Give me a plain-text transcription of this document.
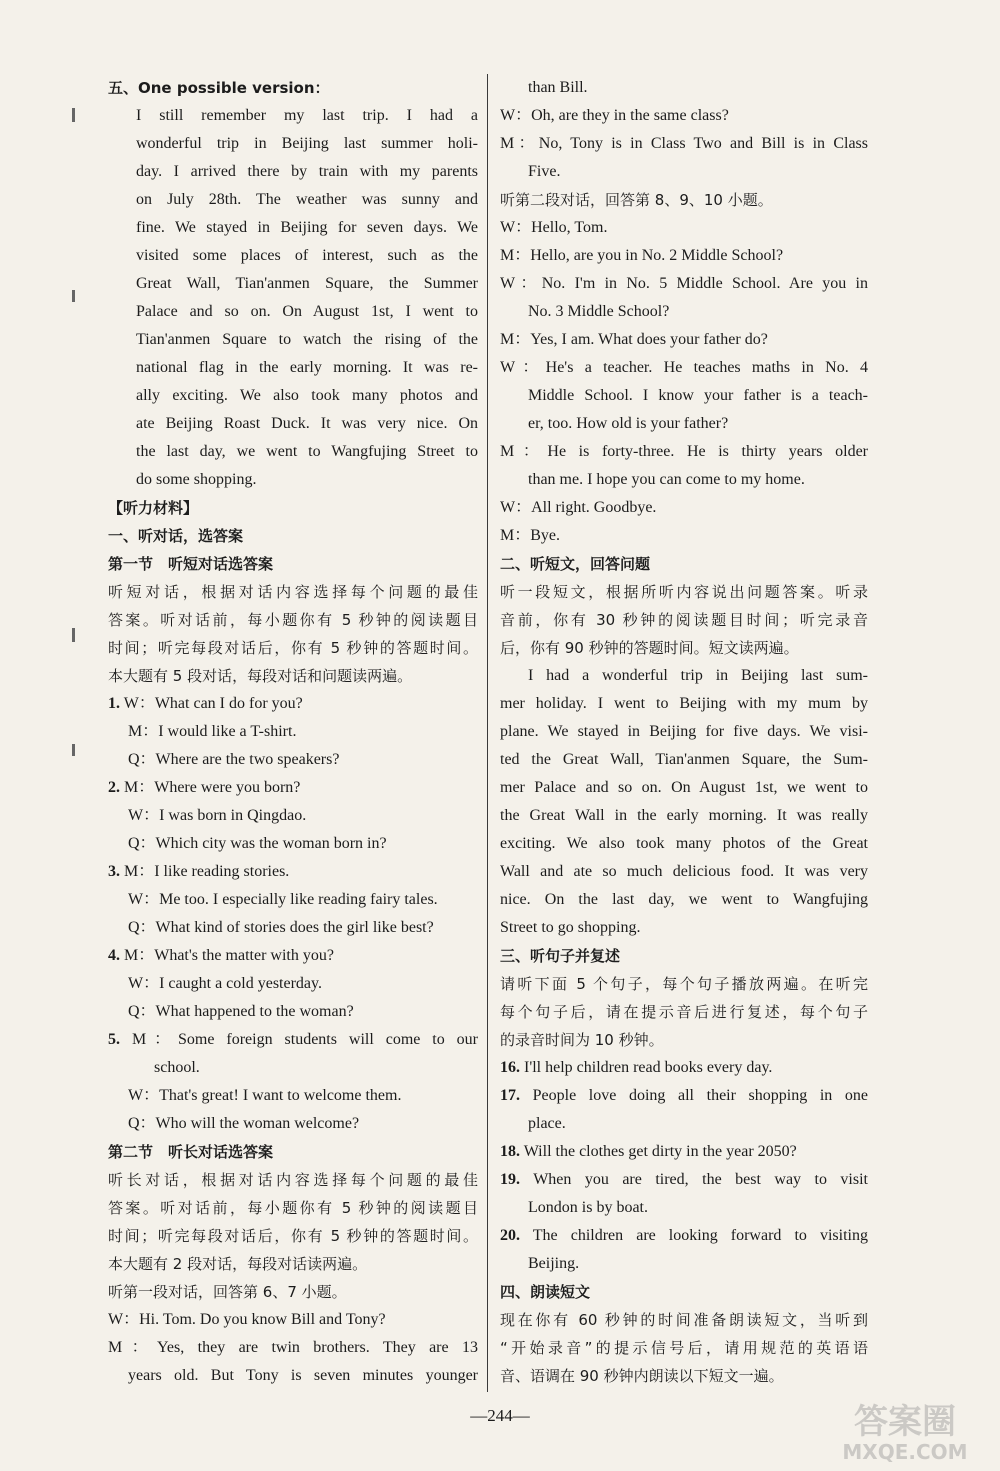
五、One possible version：
I still remember my last trip. I had a
wonderful trip in Beijing last summer holi-
day. I arrived there by train with my parents
on July 28th. The weather was sunny and
fine. We stayed in Beijing for seven days. We
visited some places of interest, such as the
Great Wall, Tian'anmen Square, the Summer
Palace and so on. On August 1st, I went to
Tian'anmen Square to watch the rising of the
national flag in the early morning. It was re-
ally exciting. We also took many photos and
ate Beijing Roast Duck. It was very nice. On
the last day, we went to Wangfujing Street to
do some shopping.
【听力材料】
一、听对话，选答案
第一节　听短对话选答案
听短对话，根据对话内容选择每个问题的最佳
答案。听对话前，每小题你有 5 秒钟的阅读题目
时间；听完每段对话后，你有 5 秒钟的答题时间。
本大题有 5 段对话，每段对话和问题读两遍。
1. W：What can I do for you?
M：I would like a T-shirt.
Q：Where are the two speakers?
2. M：Where were you born?
W：I was born in Qingdao.
Q：Which city was the woman born in?
3. M：I like reading stories.
W：Me too. I especially like reading fairy tales.
Q：What kind of stories does the girl like best?
4. M：What's the matter with you?
W：I caught a cold yesterday.
Q：What happened to the woman?
5. M：Some foreign students will come to our
school.
W：That's great! I want to welcome them.
Q：Who will the woman welcome?
第二节　听长对话选答案
听长对话，根据对话内容选择每个问题的最佳
答案。听对话前，每小题你有 5 秒钟的阅读题目
时间；听完每段对话后，你有 5 秒钟的答题时间。
本大题有 2 段对话，每段对话读两遍。
听第一段对话，回答第 6、7 小题。
W：Hi. Tom. Do you know Bill and Tony?
M：Yes, they are twin brothers. They are 13
years old. But Tony is seven minutes younger
than Bill.
W：Oh, are they in the same class?
M：No, Tony is in Class Two and Bill is in Class
Five.
听第二段对话，回答第 8、9、10 小题。
W：Hello, Tom.
M：Hello, are you in No. 2 Middle School?
W：No. I'm in No. 5 Middle School. Are you in
No. 3 Middle School?
M：Yes, I am. What does your father do?
W：He's a teacher. He teaches maths in No. 4
Middle School. I know your father is a teach-
er, too. How old is your father?
M：He is forty-three. He is thirty years older
than me. I hope you can come to my home.
W：All right. Goodbye.
M：Bye.
二、听短文，回答问题
听一段短文，根据所听内容说出问题答案。听录
音前，你有 30 秒钟的阅读题目时间；听完录音
后，你有 90 秒钟的答题时间。短文读两遍。
I had a wonderful trip in Beijing last sum-
mer holiday. I went to Beijing with my mum by
plane. We stayed in Beijing for five days. We visi-
ted the Great Wall, Tian'anmen Square, the Sum-
mer Palace and so on. On August 1st, we went to
the Great Wall in the early morning. It was really
exciting. We also took many photos of the Great
Wall and ate so much delicious food. It was very
nice. On the last day, we went to Wangfujing
Street to go shopping.
三、听句子并复述
请听下面 5 个句子，每个句子播放两遍。在听完
每个句子后，请在提示音后进行复述，每个句子
的录音时间为 10 秒钟。
16. I'll help children read books every day.
17. People love doing all their shopping in one
place.
18. Will the clothes get dirty in the year 2050?
19. When you are tired, the best way to visit
London is by boat.
20. The children are looking forward to visiting
Beijing.
四、朗读短文
现在你有 60 秒钟的时间准备朗读短文，当听到
“开始录音”的提示信号后，请用规范的英语语
音、语调在 90 秒钟内朗读以下短文一遍。
—244—	答案圈
MXQE.COM
